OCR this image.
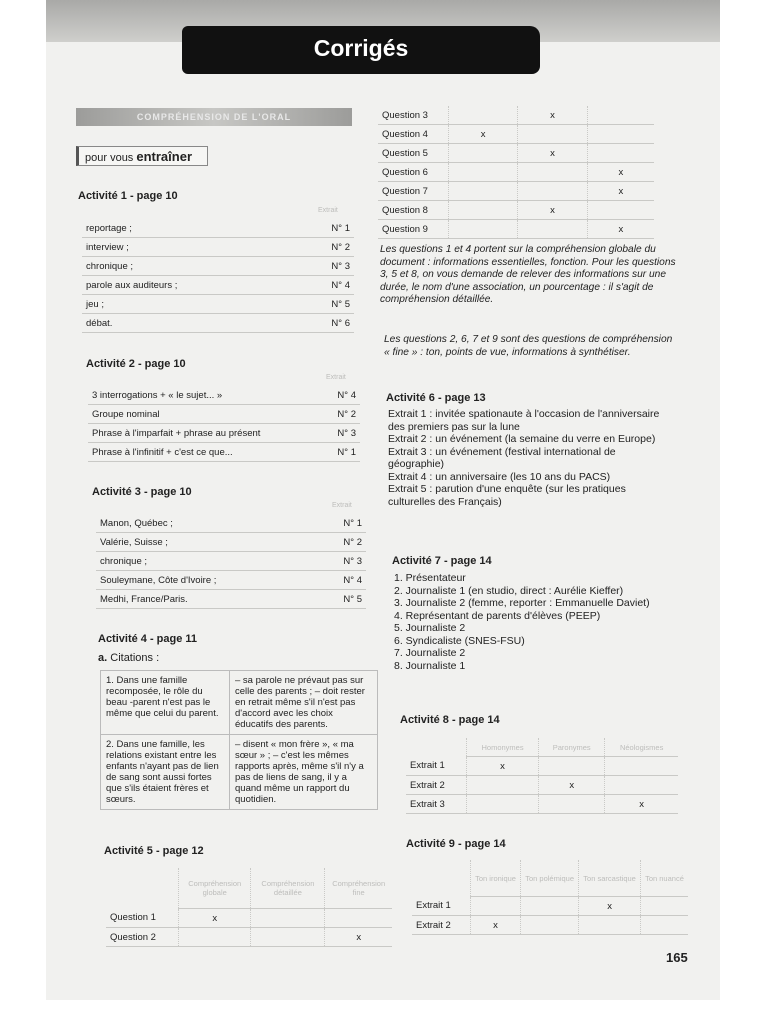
Corrigés
COMPRÉHENSION DE L'ORAL
pour vous entraîner
Activité 1 - page 10
Extrait
reportage ;	N° 1
interview ;	N° 2
chronique ;	N° 3
parole aux auditeurs ;	N° 4
jeu ;	N° 5
débat.	N° 6
Activité 2 - page 10
Extrait
3 interrogations + « le sujet... »	N° 4
Groupe nominal	N° 2
Phrase à l'imparfait + phrase au présent	N° 3
Phrase à l'infinitif + c'est ce que...	N° 1
Activité 3 - page 10
Extrait
Manon, Québec ;	N° 1
Valérie, Suisse ;	N° 2
chronique ;	N° 3
Souleymane, Côte d'Ivoire ;	N° 4
Medhi, France/Paris.	N° 5
Activité 4 - page 11
a. Citations :
1. Dans une famille recomposée, le rôle du beau -parent n'est pas le même que celui du parent.	– sa parole ne prévaut pas sur celle des parents ; – doit rester en retrait même s'il n'est pas d'accord avec les choix éducatifs des parents.
2. Dans une famille, les relations existant entre les enfants n'ayant pas de lien de sang sont aussi fortes que s'ils étaient frères et sœurs.	– disent « mon frère », « ma sœur » ; – c'est les mêmes rapports après, même s'il n'y a pas de liens de sang, il y a quand même un rapport du quotidien.
Activité 5 - page 12
	Compréhension globale	Compréhension détaillée	Compréhension fine
Question 1	x		
Question 2			x
Question 3		x	
Question 4	x		
Question 5		x	
Question 6			x
Question 7			x
Question 8		x	
Question 9			x
Les questions 1 et 4 portent sur la compréhension globale du document : informations essentielles, fonction. Pour les questions 3, 5 et 8, on vous demande de relever des informations sur une durée, le nom d'une association, un pourcentage : il s'agit de compréhension détaillée.
Les questions 2, 6, 7 et 9 sont des questions de compréhension « fine » : ton, points de vue, informations à synthétiser.
Activité 6 - page 13
Extrait 1 : invitée spationaute à l'occasion de l'anniversaire des premiers pas sur la lune
Extrait 2 : un événement (la semaine du verre en Europe)
Extrait 3 : un événement (festival international de géographie)
Extrait 4 : un anniversaire (les 10 ans du PACS)
Extrait 5 : parution d'une enquête (sur les pratiques culturelles des Français)
Activité 7 - page 14
1. Présentateur
2. Journaliste 1 (en studio, direct : Aurélie Kieffer)
3. Journaliste 2 (femme, reporter : Emmanuelle Daviet)
4. Représentant de parents d'élèves (PEEP)
5. Journaliste 2
6. Syndicaliste (SNES-FSU)
7. Journaliste 2
8. Journaliste 1
Activité 8 - page 14
	Homonymes	Paronymes	Néologismes
Extrait 1	x		
Extrait 2		x	
Extrait 3			x
Activité 9 - page 14
	Ton ironique	Ton polémique	Ton sarcastique	Ton nuancé
Extrait 1			x	
Extrait 2	x			
165
